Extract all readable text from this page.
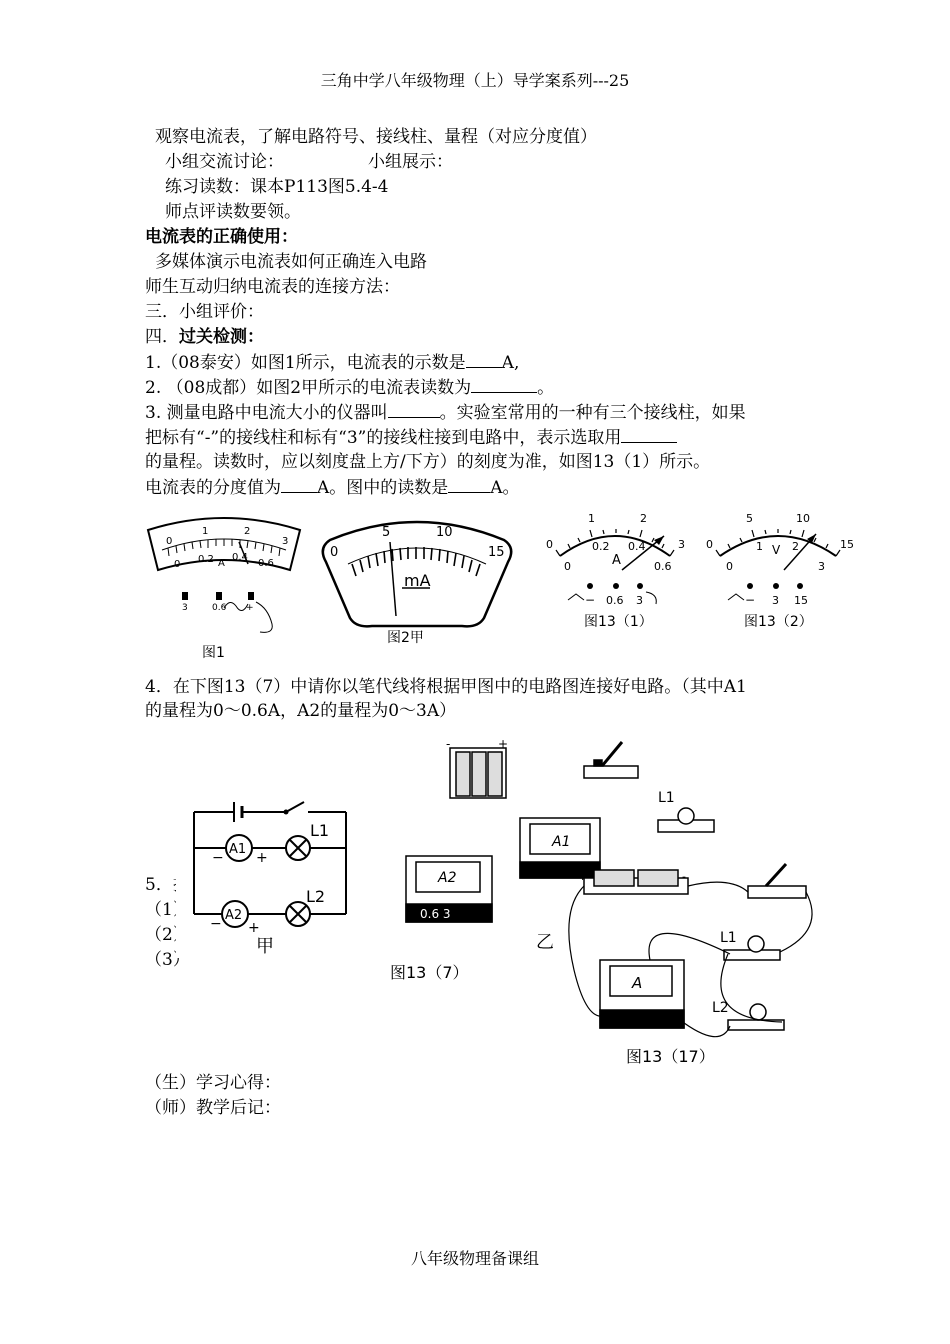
三角中学八年级物理（上）导学案系列---25
观察电流表，了解电路符号、接线柱、量程（对应分度值）
小组交流讨论：	小组展示：
练习读数：课本P113图5.4-4
师点评读数要领。
电流表的正确使用：
多媒体演示电流表如何正确连入电路
师生互动归纳电流表的连接方法：
三．小组评价：
四．过关检测：
1.（08泰安）如图1所示，电流表的示数是 A,
2. （08成都）如图2甲所示的电流表读数为	。
3. 测量电路中电流大小的仪器叫	。实验室常用的一种有三个接线柱，如果
把标有“-”的接线柱和标有“3”的接线柱接到电路中，表示选取用
的量程。读数时，应以刻度盘上方/下方）的刻度为准，如图13（1）所示。
电流表的分度值为 A。图中的读数是 A。
0
1	2
3
0 0.2 0.4
0.6
A
3	0.6 +
图1
0
5	10
15
mA
图2甲
0
1	2
3
0
0.2 0.4
0.6
A
− 0.6 3
图13（1）
0
5	10
15
0
1	2
3
V
− 3 15
图13（2）
4．在下图13（7）中请你以笔代线将根据甲图中的电路图连接好电路。（其中A1
的量程为0～0.6A，A2的量程为0～3A）
5．推
（1）
（2）
（3）
A1
A2
L1
L2
− +
− +
甲
-	+
L1
A1
A2
0.6 3
图13（7）
乙
+	-
L1
L2
A
图13（17）
（生）学习心得：
（师）教学后记：
八年级物理备课组
